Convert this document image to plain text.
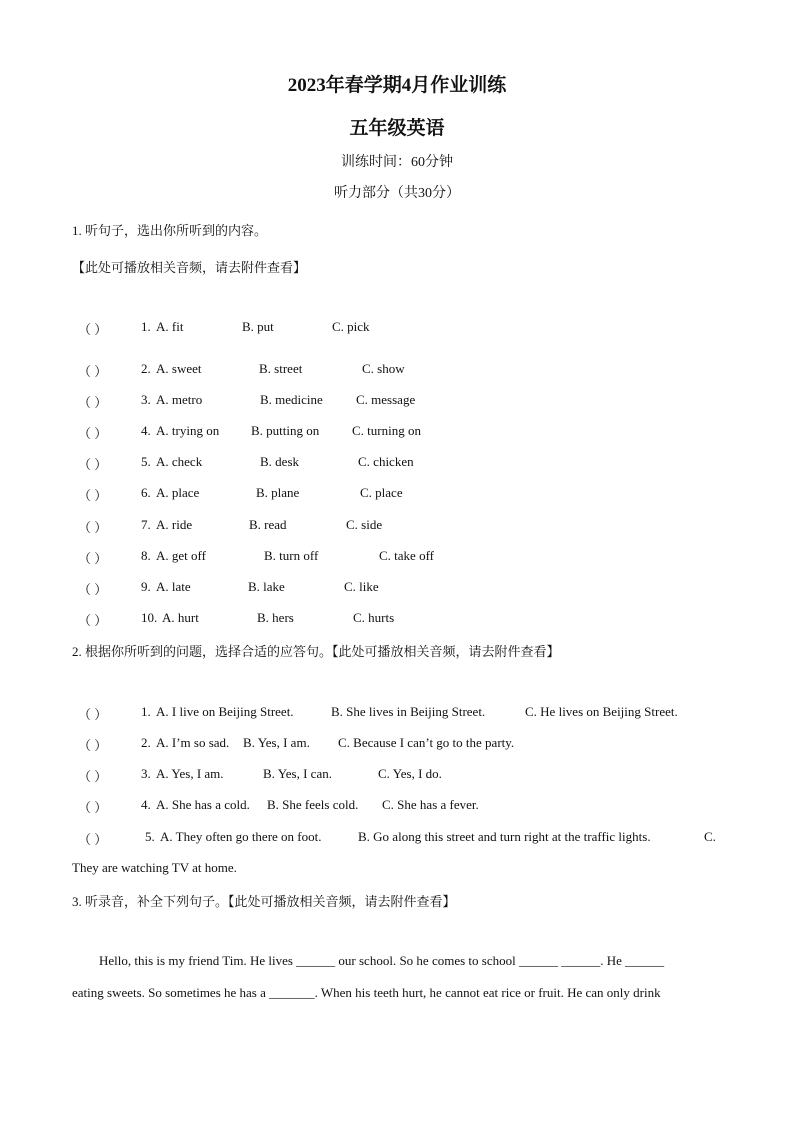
2023年春学期4月作业训练
五年级英语
训练时间：60分钟
听力部分（共30分）
1. 听句子，选出你所听到的内容。
【此处可播放相关音频，请去附件查看】
（ ）	1. A. fit	B. put	C. pick
（ ）	2. A. sweet	B. street	C. show
（ ）	3. A. metro	B. medicine	C. message
（ ）	4. A. trying on B. putting on	C. turning on
（ ）	5. A. check	B. desk	C. chicken
（ ）	6. A. place	B. plane	C. place
（ ）	7. A. ride	B. read	C. side
（ ）	8. A. get off	B. turn off	C. take off
（ ）	9. A. late	B. lake	C. like
（ ）	10. A. hurt	B. hers	C. hurts
2. 根据你所听到的问题，选择合适的应答句。【此处可播放相关音频，请去附件查看】
（ ）	1. A. I live on Beijing Street.	B. She lives in Beijing Street.	C. He lives on Beijing Street.
（ ）	2. A. I’m so sad. B. Yes, I am. C. Because I can’t go to the party.
（ ）	3. A. Yes, I am.	B. Yes, I can.	C. Yes, I do.
（ ）	4. A. She has a cold. B. She feels cold. C. She has a fever.
（ ）	5. A. They often go there on foot.	B. Go along this street and turn right at the traffic lights.	C.
They are watching TV at home.
3. 听录音，补全下列句子。【此处可播放相关音频，请去附件查看】
Hello, this is my friend Tim. He lives ______ our school. So he comes to school ______ ______. He ______
eating sweets. So sometimes he has a _______. When his teeth hurt, he cannot eat rice or fruit. He can only drink
